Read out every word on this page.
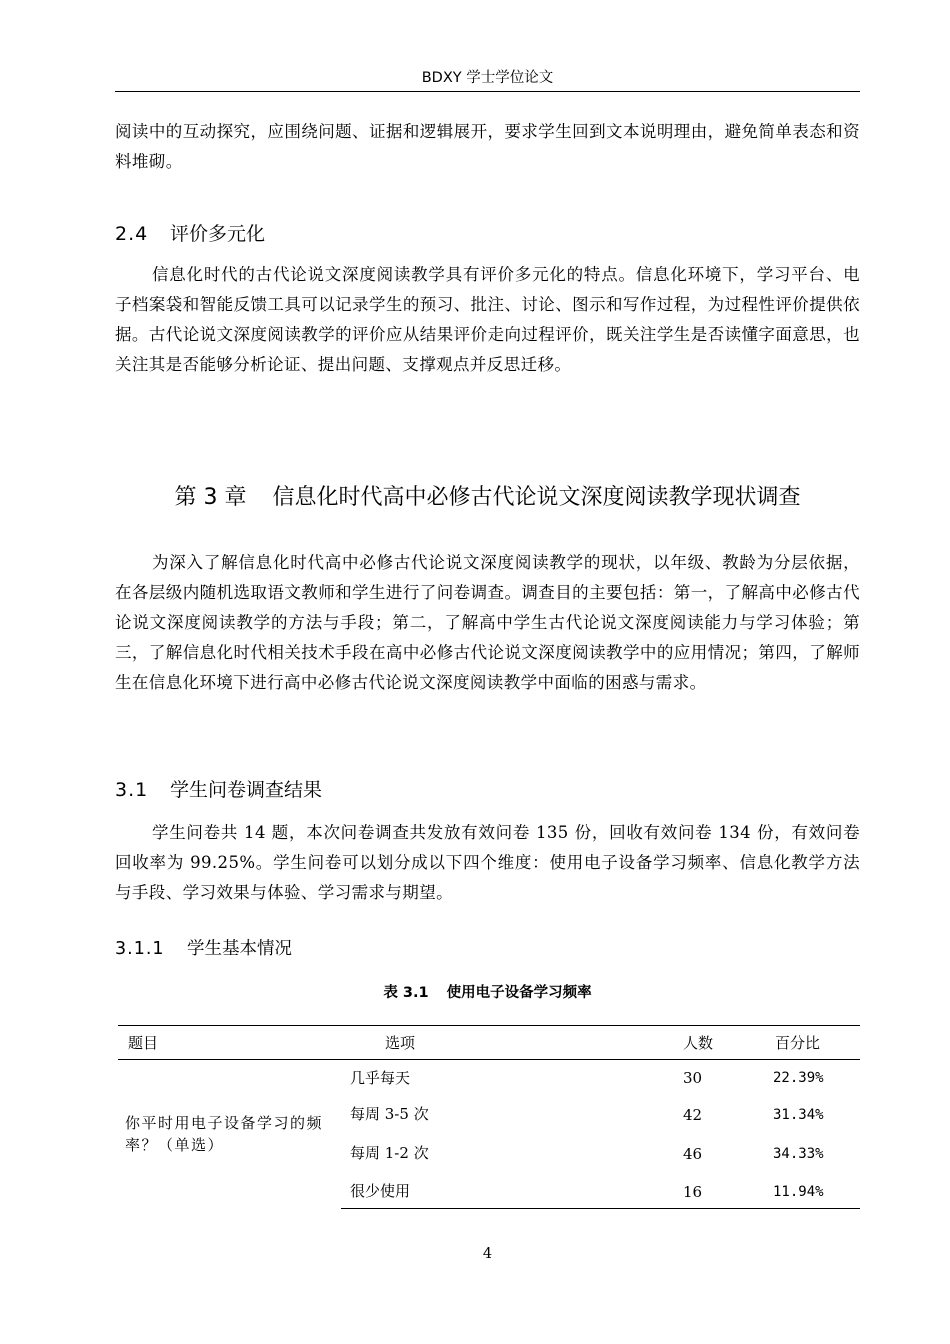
BDXY 学士学位论文

阅读中的互动探究，应围绕问题、证据和逻辑展开，要求学生回到文本说明理由，避免简单表态和资料堆砌。

2.4 评价多元化

信息化时代的古代论说文深度阅读教学具有评价多元化的特点。信息化环境下，学习平台、电子档案袋和智能反馈工具可以记录学生的预习、批注、讨论、图示和写作过程，为过程性评价提供依据。古代论说文深度阅读教学的评价应从结果评价走向过程评价，既关注学生是否读懂字面意思，也关注其是否能够分析论证、提出问题、支撑观点并反思迁移。

第 3 章 信息化时代高中必修古代论说文深度阅读教学现状调查

为深入了解信息化时代高中必修古代论说文深度阅读教学的现状，以年级、教龄为分层依据，在各层级内随机选取语文教师和学生进行了问卷调查。调查目的主要包括：第一，了解高中必修古代论说文深度阅读教学的方法与手段；第二，了解高中学生古代论说文深度阅读能力与学习体验；第三，了解信息化时代相关技术手段在高中必修古代论说文深度阅读教学中的应用情况；第四，了解师生在信息化环境下进行高中必修古代论说文深度阅读教学中面临的困惑与需求。

3.1 学生问卷调查结果

学生问卷共 14 题，本次问卷调查共发放有效问卷 135 份，回收有效问卷 134 份，有效问卷回收率为 99.25%。学生问卷可以划分成以下四个维度：使用电子设备学习频率、信息化教学方法与手段、学习效果与体验、学习需求与期望。

3.1.1 学生基本情况
表 3.1 使用电子设备学习频率
题目	选项	人数	百分比
你平时用电子设备学习的频率？（单选）
几乎每天	30	22.39%
每周 3-5 次	42	31.34%
每周 1-2 次	46	34.33%
很少使用	16	11.94%
4
